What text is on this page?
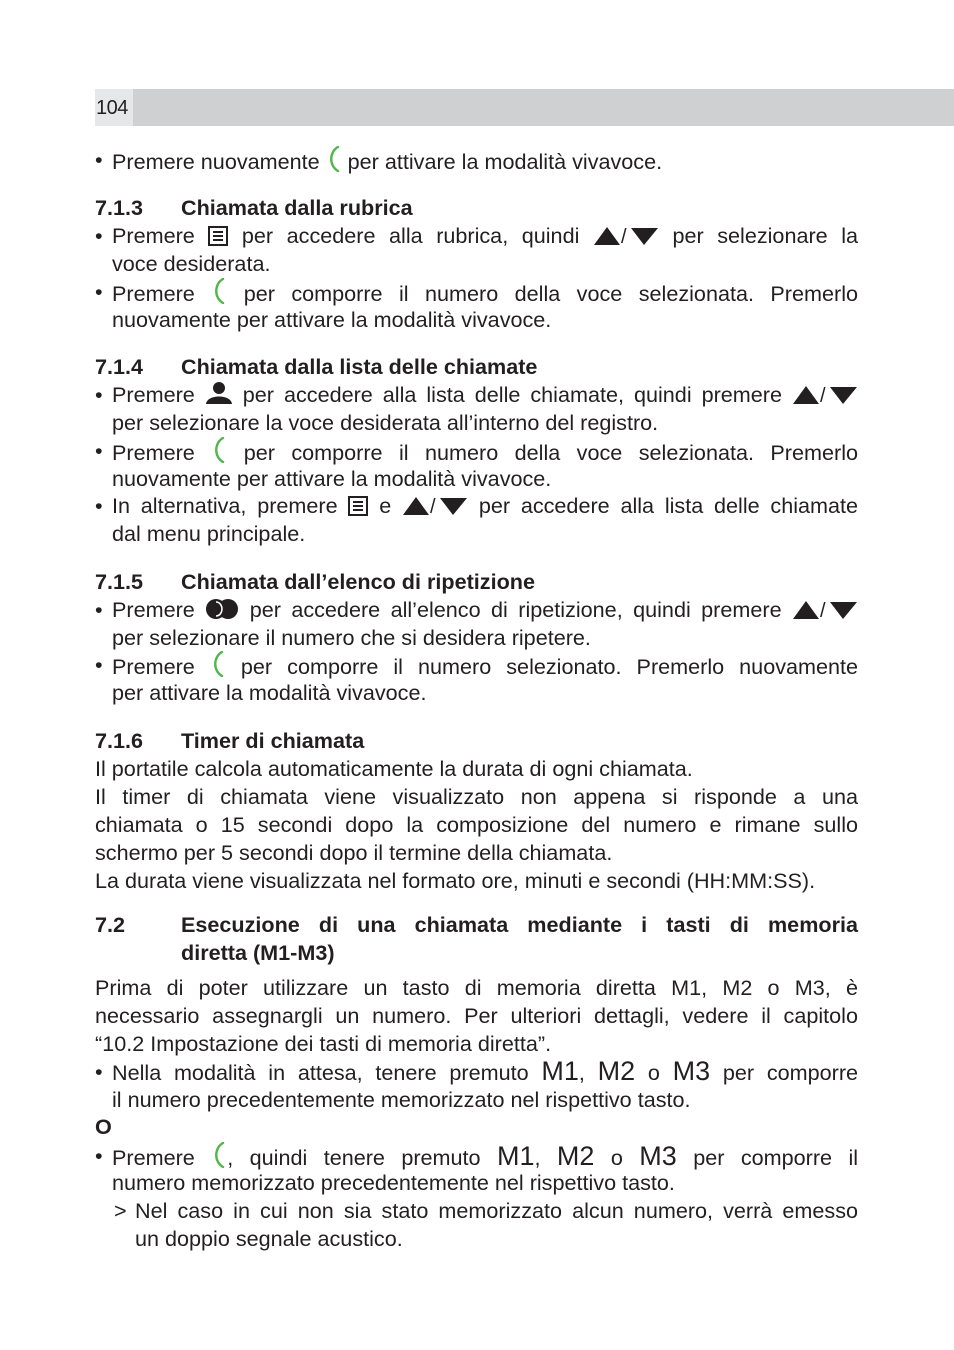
104
• Premere nuovamente per attivare la modalità vivavoce.
7.1.3 Chiamata dalla rubrica
• Premere per accedere alla rubrica, quindi / per selezionare la
voce desiderata.
• Premere per comporre il numero della voce selezionata. Premerlo
nuovamente per attivare la modalità vivavoce.
7.1.4 Chiamata dalla lista delle chiamate
• Premere per accedere alla lista delle chiamate, quindi premere /
per selezionare la voce desiderata all’interno del registro.
• Premere per comporre il numero della voce selezionata. Premerlo
nuovamente per attivare la modalità vivavoce.
• In alternativa, premere e / per accedere alla lista delle chiamate
dal menu principale.
7.1.5 Chiamata dall’elenco di ripetizione
• Premere	per accedere all’elenco di ripetizione, quindi premere /
per selezionare il numero che si desidera ripetere.
• Premere per comporre il numero selezionato. Premerlo nuovamente
per attivare la modalità vivavoce.
7.1.6 Timer di chiamata
Il portatile calcola automaticamente la durata di ogni chiamata.
Il timer di chiamata viene visualizzato non appena si risponde a una
chiamata o 15 secondi dopo la composizione del numero e rimane sullo
schermo per 5 secondi dopo il termine della chiamata.
La durata viene visualizzata nel formato ore, minuti e secondi (HH:MM:SS).
7.2	Esecuzione di una chiamata mediante i tasti di memoria
diretta (M1-M3)
Prima di poter utilizzare un tasto di memoria diretta M1, M2 o M3, è
necessario assegnargli un numero. Per ulteriori dettagli, vedere il capitolo
“10.2 Impostazione dei tasti di memoria diretta”.
• Nella modalità in attesa, tenere premuto M1, M2 o M3 per comporre
il numero precedentemente memorizzato nel rispettivo tasto.
O
• Premere , quindi tenere premuto M1, M2 o M3 per comporre il
numero memorizzato precedentemente nel rispettivo tasto.
> Nel caso in cui non sia stato memorizzato alcun numero, verrà emesso
un doppio segnale acustico.
